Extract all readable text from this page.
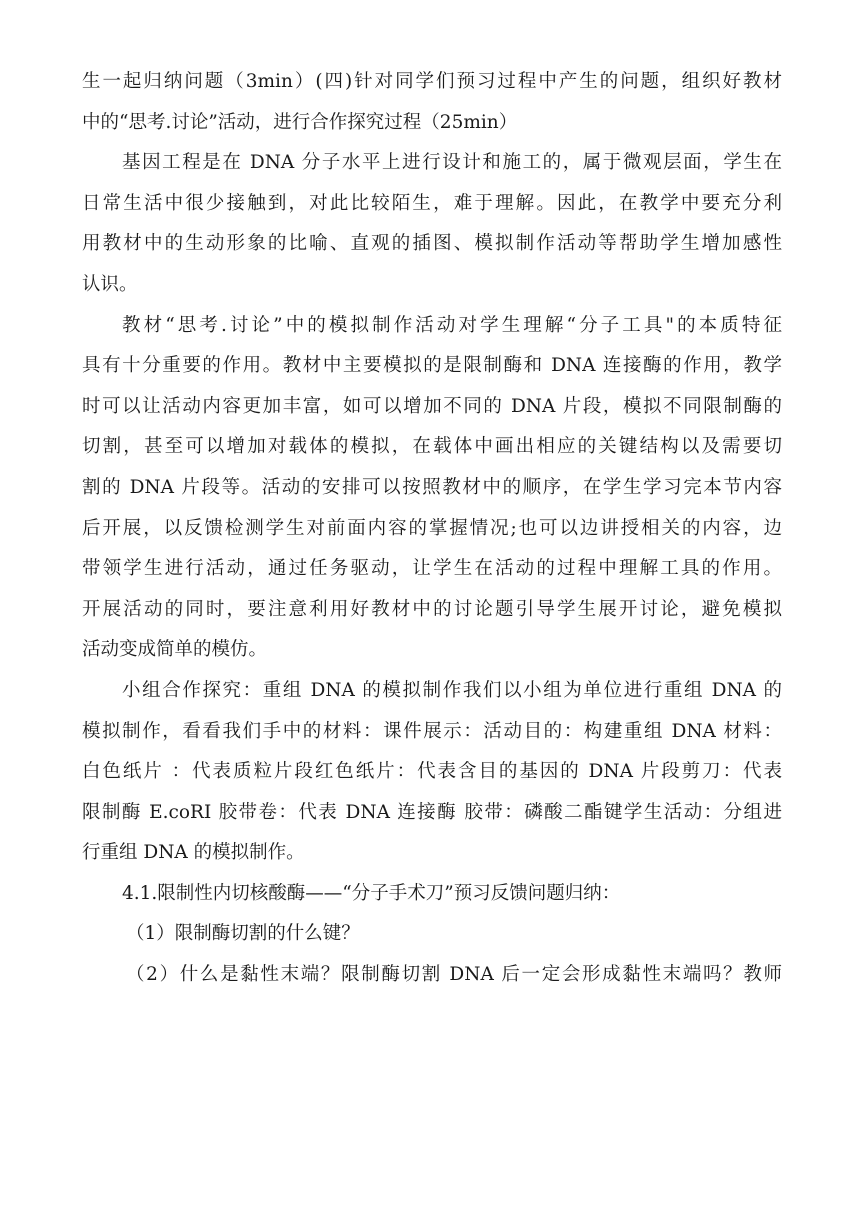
生一起归纳问题（3min）(四)针对同学们预习过程中产生的问题，组织好教材
中的“思考.讨论”活动，进行合作探究过程（25min）
基因工程是在 DNA 分子水平上进行设计和施工的，属于微观层面，学生在
日常生活中很少接触到，对此比较陌生，难于理解。因此，在教学中要充分利
用教材中的生动形象的比喻、直观的插图、模拟制作活动等帮助学生增加感性
认识。
教材“思考.讨论”中的模拟制作活动对学生理解“分子工具"的本质特征
具有十分重要的作用。教材中主要模拟的是限制酶和 DNA 连接酶的作用，教学
时可以让活动内容更加丰富，如可以增加不同的 DNA 片段，模拟不同限制酶的
切割，甚至可以增加对载体的模拟，在载体中画出相应的关键结构以及需要切
割的 DNA 片段等。活动的安排可以按照教材中的顺序，在学生学习完本节内容
后开展，以反馈检测学生对前面内容的掌握情况;也可以边讲授相关的内容，边
带领学生进行活动，通过任务驱动，让学生在活动的过程中理解工具的作用。
开展活动的同时，要注意利用好教材中的讨论题引导学生展开讨论，避免模拟
活动变成简单的模仿。
小组合作探究：重组 DNA 的模拟制作我们以小组为单位进行重组 DNA 的
模拟制作，看看我们手中的材料：课件展示：活动目的：构建重组 DNA 材料：
白色纸片 ：代表质粒片段红色纸片：代表含目的基因的 DNA 片段剪刀：代表
限制酶 E.coRI 胶带卷：代表 DNA 连接酶 胶带：磷酸二酯键学生活动：分组进
行重组 DNA 的模拟制作。
4.1.限制性内切核酸酶——“分子手术刀”预习反馈问题归纳：
（1）限制酶切割的什么键？
（2）什么是黏性末端？限制酶切割 DNA 后一定会形成黏性末端吗？教师
